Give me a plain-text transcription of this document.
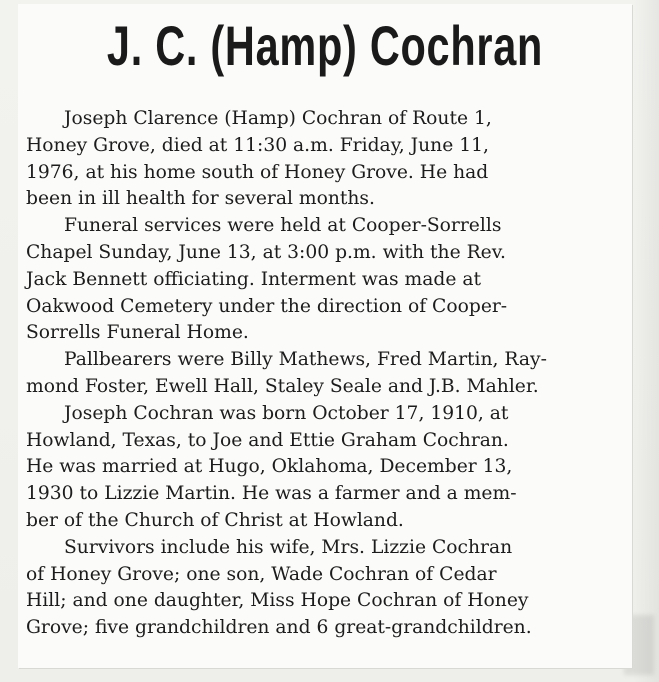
J. C. (Hamp) Cochran
Joseph Clarence (Hamp) Cochran of Route 1,
Honey Grove, died at 11:30 a.m. Friday, June 11,
1976, at his home south of Honey Grove. He had
been in ill health for several months.
Funeral services were held at Cooper-Sorrells
Chapel Sunday, June 13, at 3:00 p.m. with the Rev.
Jack Bennett officiating. Interment was made at
Oakwood Cemetery under the direction of Cooper-
Sorrells Funeral Home.
Pallbearers were Billy Mathews, Fred Martin, Ray-
mond Foster, Ewell Hall, Staley Seale and J.B. Mahler.
Joseph Cochran was born October 17, 1910, at
Howland, Texas, to Joe and Ettie Graham Cochran.
He was married at Hugo, Oklahoma, December 13,
1930 to Lizzie Martin. He was a farmer and a mem-
ber of the Church of Christ at Howland.
Survivors include his wife, Mrs. Lizzie Cochran
of Honey Grove; one son, Wade Cochran of Cedar
Hill; and one daughter, Miss Hope Cochran of Honey
Grove; five grandchildren and 6 great-grandchildren.
